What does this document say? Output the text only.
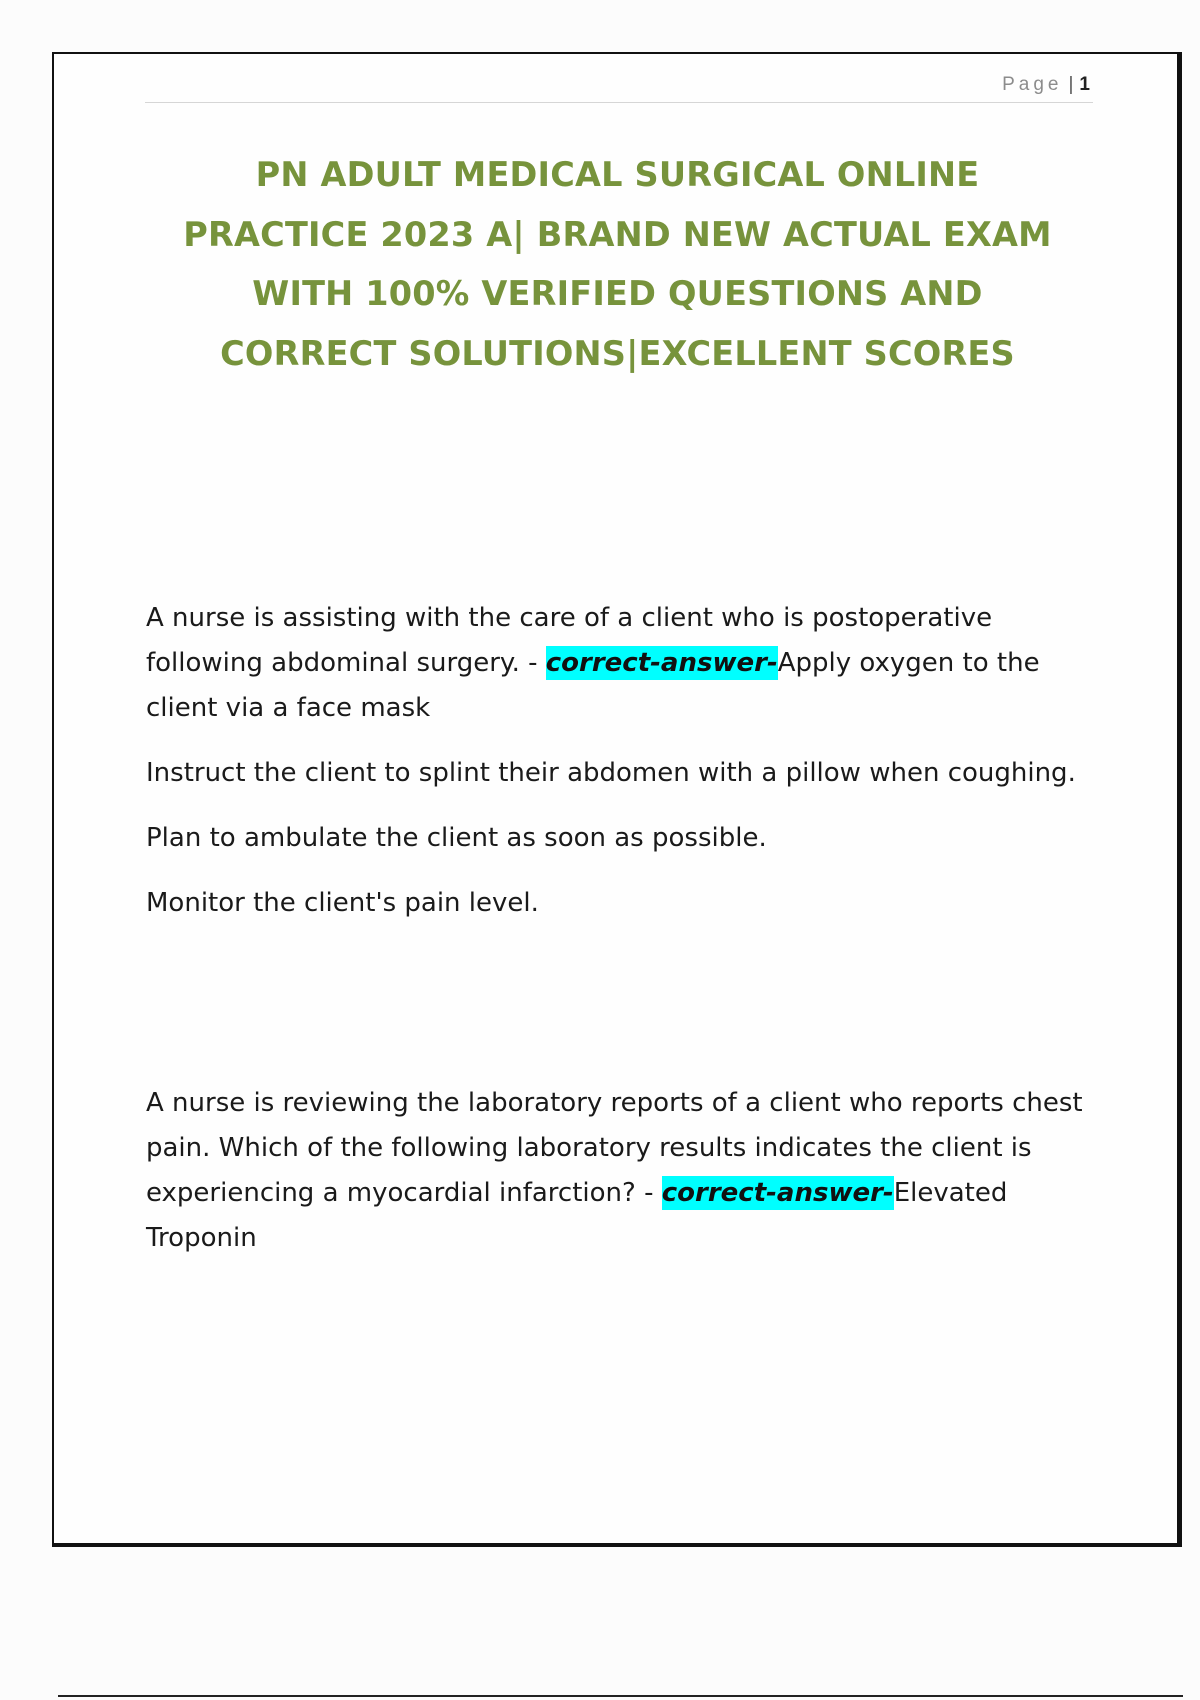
Page | 1
PN ADULT MEDICAL SURGICAL ONLINE
PRACTICE 2023 A| BRAND NEW ACTUAL EXAM
WITH 100% VERIFIED QUESTIONS AND
CORRECT SOLUTIONS|EXCELLENT SCORES
A nurse is assisting with the care of a client who is postoperative
following abdominal surgery. - correct-answer-Apply oxygen to the
client via a face mask
Instruct the client to splint their abdomen with a pillow when coughing.
Plan to ambulate the client as soon as possible.
Monitor the client's pain level.
A nurse is reviewing the laboratory reports of a client who reports chest
pain. Which of the following laboratory results indicates the client is
experiencing a myocardial infarction? - correct-answer-Elevated
Troponin
